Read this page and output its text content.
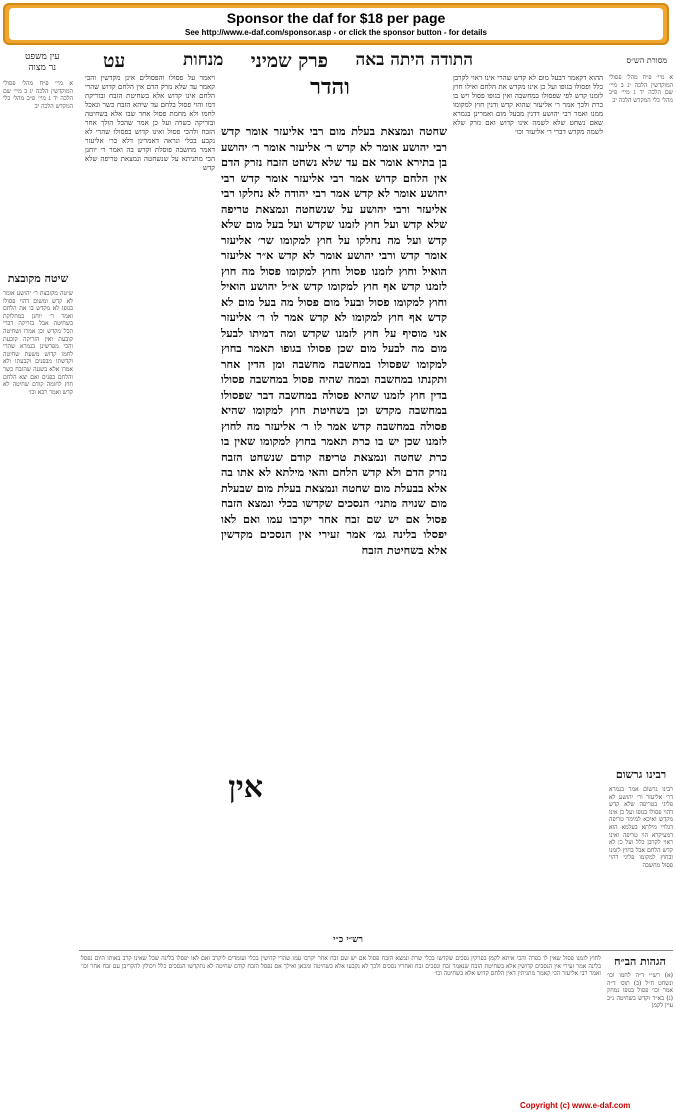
Sponsor the daf for $18 per page
See http://www.e-daf.com/sponsor.asp - or click the sponsor button - for details
מסורת הש״ס
התודה היתה באה
פרק שמיני
מנחות
עט
עין משפט
נר מצוה
א מיי׳ פ״ח מהל׳ פסולי המוקדשין הלכה יג ב מיי׳ שם הלכה יד ג מיי׳ פ״ב מהל׳ כלי המקדש הלכה יב
רבינו גרשום
רבינו גרשום אמר בגמרא דר׳ אליעזר ור׳ יהושע לא פליגי בטריפה שלא קדש דהוי פסולו בגופו ועל כן אינו מקדש ואיכא למימר טריפה דגלויי מילתא בעלמא הוא דמעיקרא הוי טריפה ואינו ראוי לקרבן כלל ועל כן לא קדש הלחם אבל בחוץ לזמנו ובחוץ למקומו פליגי דהוי פסול מחשבה
ההוא דקאמר דבעל מום לא קדש שהרי אינו ראוי לקרבן כלל ופסולו בגופו ועל כן אינו מקדש את הלחם ואילו חוץ לזמנו קדש לפי שפסולו במחשבה ואין בגופו פסול ויש בו כרת ולכך אמר ר׳ אליעזר שהוא קדש ודנין חוץ למקומו ממנו ואמר רבי יהושע דדנין מבעל מום ואמרינן בגמרא שאם נשחט שלא לשמה אינו קדוש ואם נזרק שלא לשמה מקדש דברי ר׳ אליעזר וכו׳
שחטה ונמצאת בעלת מום רבי אליעזר אומר קדש רבי יהושע אומר לא קדש ר׳ אליעזר אומר ר׳ יהושע בן בתירא אומר אם עד שלא נשחט הזבח נזרק הדם אין הלחם קדוש אמר רבי אליעזר אומר קדש רבי יהושע אומר לא קדש אמר רבי יהודה לא נחלקו רבי אליעזר ורבי יהושע על שנשחטה ונמצאת טריפה שלא קדש ועל חוץ לזמנו שקדש ועל בעל מום שלא קדש ועל מה נחלקו על חוץ למקומו שר׳ אליעזר אומר קדש ורבי יהושע אומר לא קדש א״ר אליעזר הואיל וחוץ לזמנו פסול וחוץ למקומו פסול מה חוץ לזמנו קדש אף חוץ למקומו קדש א״ל יהושע הואיל וחוץ למקומו פסול ובעל מום פסול מה בעל מום לא קדש אף חוץ למקומו לא קדש אמר לו ר׳ אליעזר אני מוסיף על חוץ לזמנו שקדש ומה דמיתו לבעל מום מה לבעל מום שכן פסולו בגופו תאמר בחוץ למקומו שפסולו במחשבה מחשבה ומן הדין אחר ותקנתו במחשבה ובמה שהיה פסול במחשבה פסולו בדין חוץ לזמנו שהיא פסולה במחשבה דבר שפסולו במחשבה מקדש וכן בשחיטת חוץ למקומו שהיא פסולה במחשבה קדש אמר לו ר׳ אליעזר מה לחוץ לזמנו שכן יש בו כרת תאמר בחוץ למקומו שאין בו כרת שחטה ונמצאת טריפה קודם שנשחט הזבח נזרק הדם ולא קדש הלחם והאי מילתא לא אתו בה אלא בבעלת מום שחטה ונמצאת בעלת מום שבעלת מום שנויה מתני׳ הנסכים שקדשו בכלי ונמצא הזבח פסול אם יש שם זבח אחר יקרבו עמו ואם לאו יפסלו בלינה גמ׳ אמר זעירי אין הנסכים מקדשין אלא בשחיטת הזבח
והדר
אין
ויאמר על פסולו והפסולים אינן מקדשין והכי קאמר עד שלא נזרק הדם אין הלחם קדוש שהרי הלחם אינו קדוש אלא בשחיטת הזבח ובזריקת דמו והוי פסול בלחם עד שיהא הזבח כשר ונאכל לחמו ולא מחמת פסול אחר שבו אלא בשחיטה ובזריקה כשרה ועל כן אמר שהכל הולך אחר הזבח ולהכי פסול ואינו קדוש בפסולו שהרי לא נקבע בכלי ונראה דאמרינן דלא כר׳ אליעזר דאמר מחשבה פוסלת וקדש בה ואמר ר׳ יוחנן הכי מתניתא על שנשחטה ונמצאת טריפה שלא קדש
א מיי׳ פ״ח מהל׳ פסולי המוקדשין הלכה יג ב מיי׳ שם הלכה יד ג מיי׳ פ״ב מהל׳ כלי המקדש הלכה יב
שיטה מקובצת
שיטה מקובצת ר׳ יהושע אומר לא קדש ומשום דהוי פסולו בגופו לא מקדש בו את הלחם ואמר ר׳ יוחנן במחלוקת בשחיטה אבל בזריקה דברי הכל מקדש וכן אמרו ושחיטה קובעת ואין הזריקה קובעת והכי מפרשינן בגמרא שהרי לחמו קדוש משעת שחיטה וקדשתו מבפנים וקבעתו ולא אמרו אלא בשעה שהזבח כשר והלחם בפנים ואם יצא הלחם חוץ לחומה קודם שחיטה לא קדש ואמר רבא וכו׳
רש״י כ״י
לחוץ לזמנו פסול שאין לו כפרה והכי איתא לקמן בפרקין נסכים שקדשו בכלי שרת ונמצא הזבח פסול אם יש שם זבח אחר יקרבו עמו שהרי קדושין בכלי ועומדים ליקרב ואם לאו יפסלו בלינה שכל שאינו קרב באותו היום נפסל בלינה אמר זעירי אין הנסכים קדושין אלא בשחיטת הזבח שנאמר זבח ונסכים זבח ואחריו נסכים ולכך לא נקבעו אלא בשחיטה ומכאן ואילך אם נפסל הזבח קודם שחיטה לא נתקדשו הנסכים כלל ויכולין להקריבן עם זבח אחר וכו׳ ואמר רבי אליעזר הכי קאמר מתניתין דאין הלחם קדוש אלא בשחיטה וכו׳
הגהות הב״ח
(א) רש״י ד״ה לחמו וכו׳ ונשחט ח״ל (ב) תוס׳ ד״ה אמר וכו׳ פסול בגופו נמחק (ג) בא״ד וקדש בשחיטה נ״ב עיין לקמן
Copyright (c) www.e-daf.com
